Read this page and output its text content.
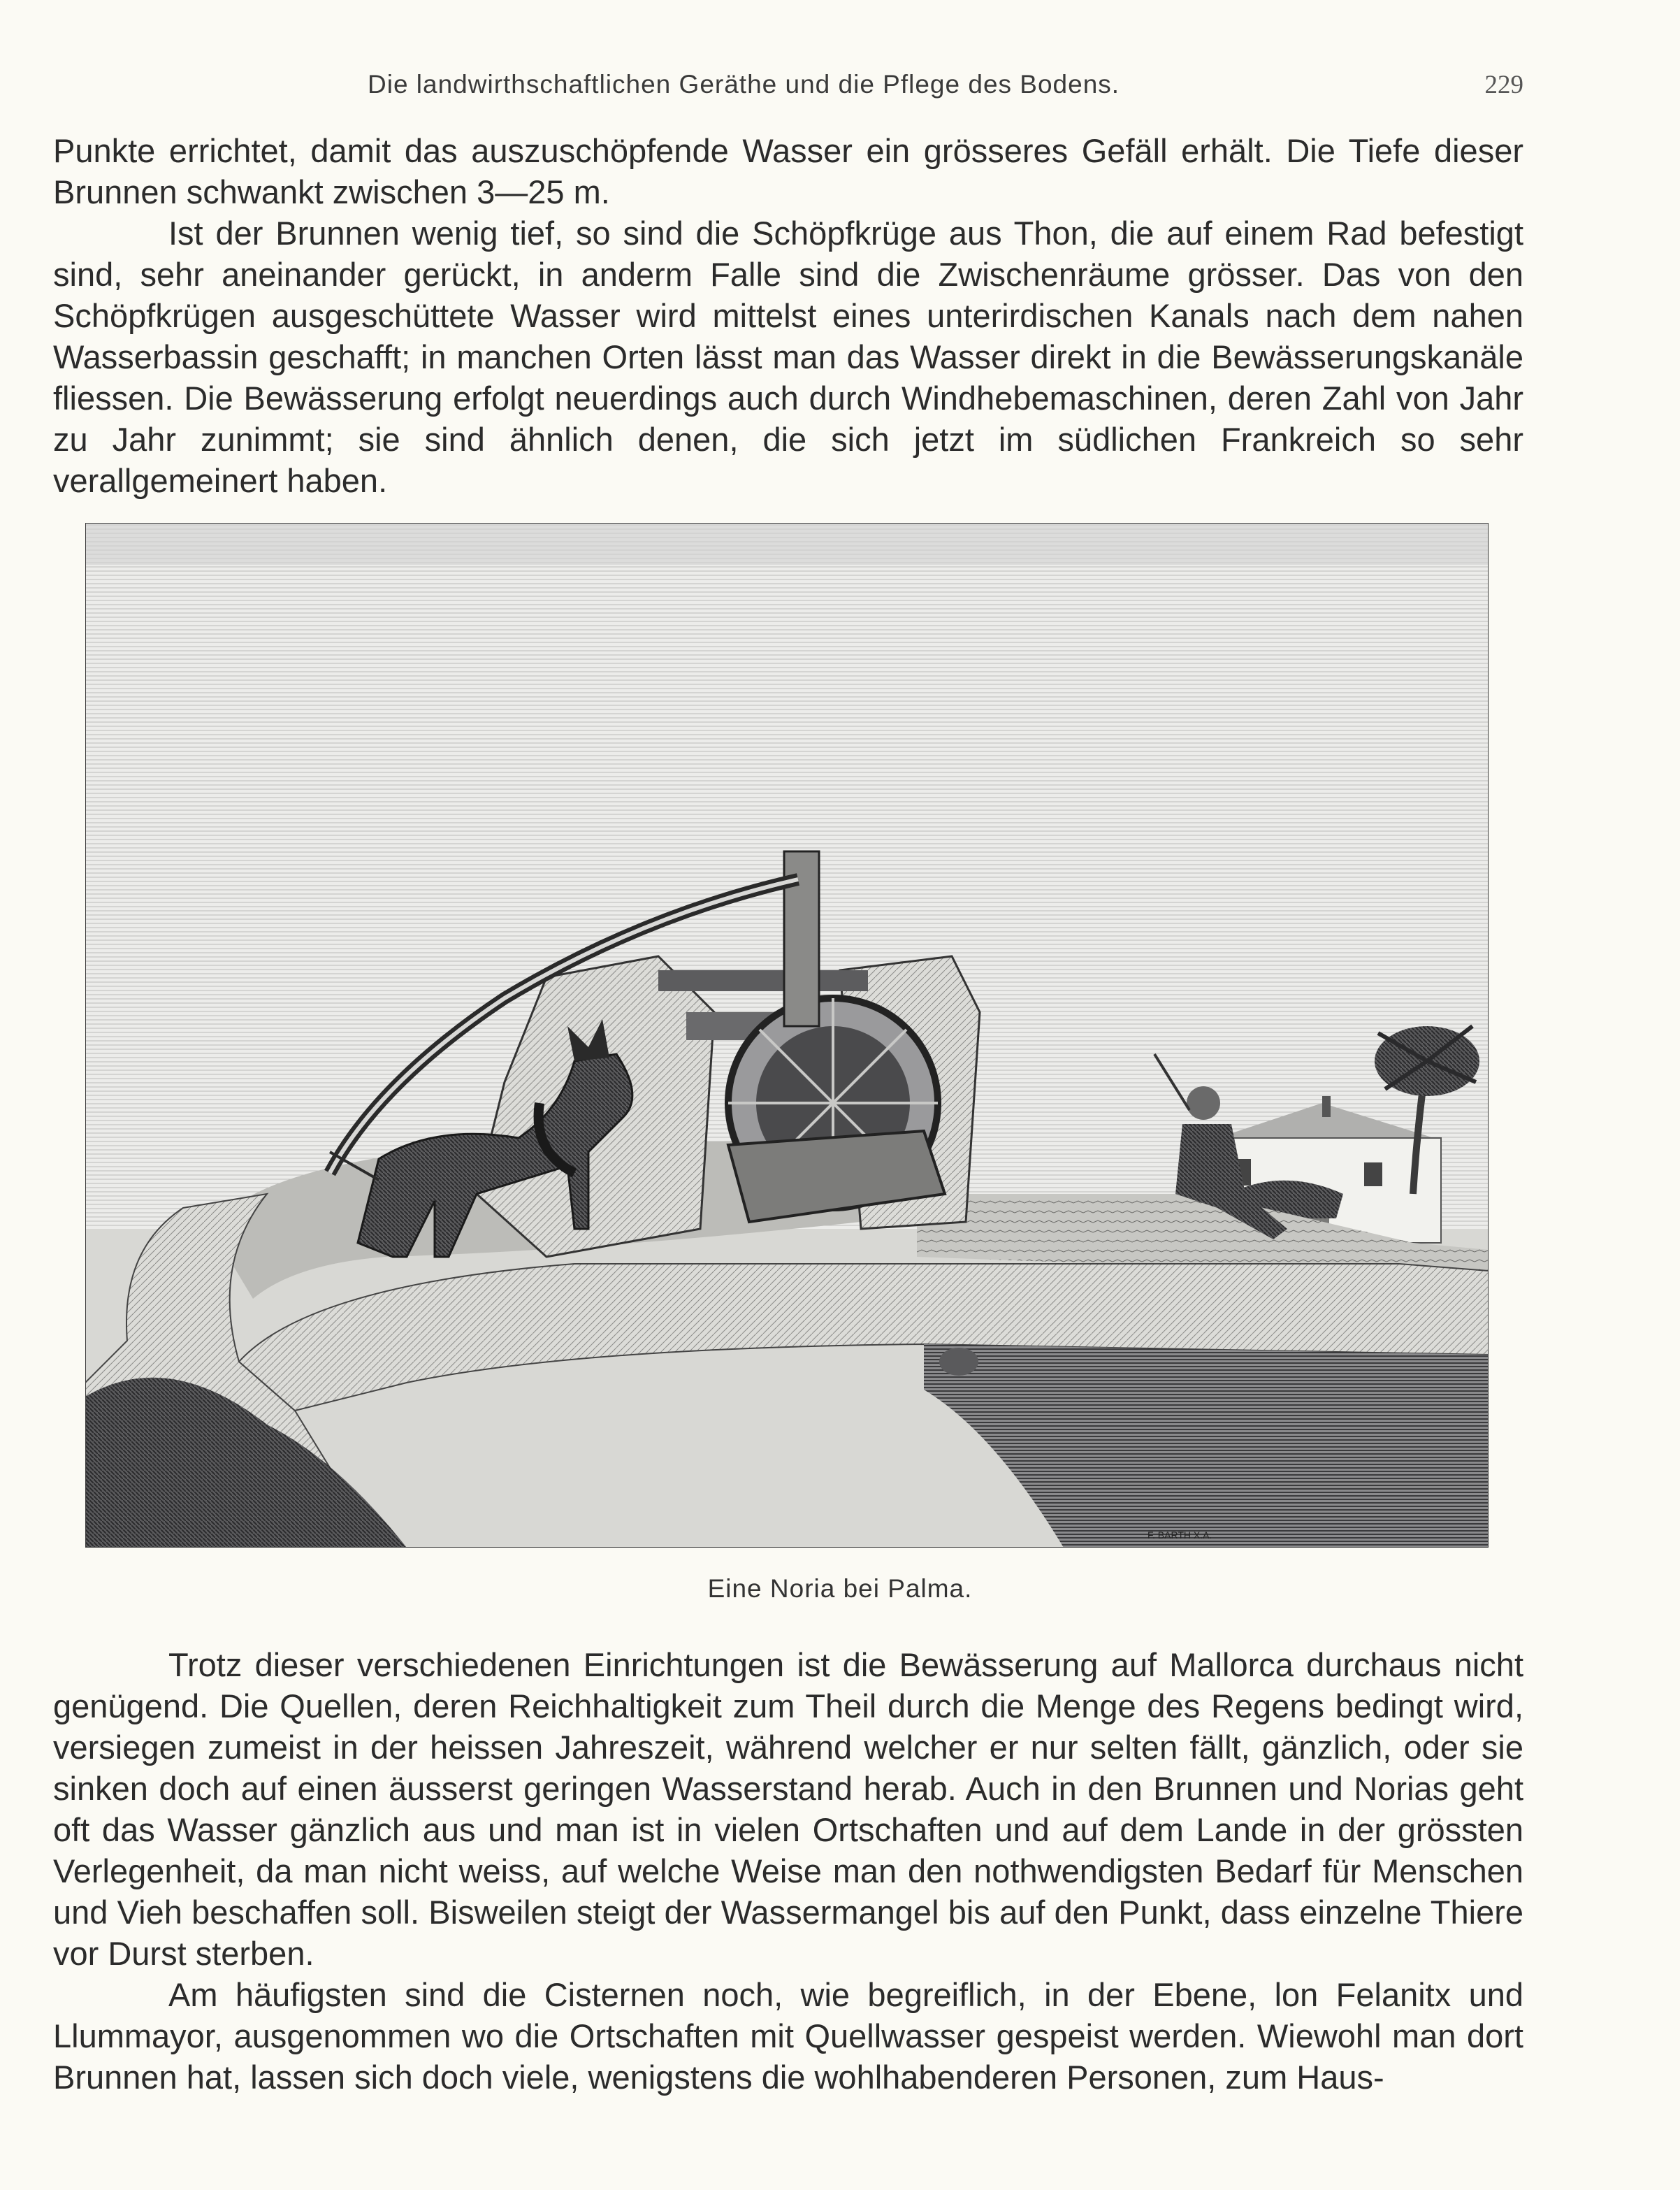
Die landwirthschaftlichen Geräthe und die Pflege des Bodens.	229

Punkte errichtet, damit das auszuschöpfende Wasser ein grösseres Gefäll erhält. Die Tiefe dieser Brunnen schwankt zwischen 3—25 m.

Ist der Brunnen wenig tief, so sind die Schöpfkrüge aus Thon, die auf einem Rad befestigt sind, sehr aneinander gerückt, in anderm Falle sind die Zwischenräume grösser. Das von den Schöpfkrügen ausgeschüttete Wasser wird mittelst eines unterirdischen Kanals nach dem nahen Wasserbassin geschafft; in manchen Orten lässt man das Wasser direkt in die Bewässerungskanäle fliessen. Die Bewässerung erfolgt neuerdings auch durch Windhebemaschinen, deren Zahl von Jahr zu Jahr zunimmt; sie sind ähnlich denen, die sich jetzt im südlichen Frankreich so sehr verallgemeinert haben.

F. BARTH X.A.
Eine Noria bei Palma.

Trotz dieser verschiedenen Einrichtungen ist die Bewässerung auf Mallorca durchaus nicht genügend. Die Quellen, deren Reichhaltigkeit zum Theil durch die Menge des Regens bedingt wird, versiegen zumeist in der heissen Jahreszeit, während welcher er nur selten fällt, gänzlich, oder sie sinken doch auf einen äusserst geringen Wasserstand herab. Auch in den Brunnen und Norias geht oft das Wasser gänzlich aus und man ist in vielen Ortschaften und auf dem Lande in der grössten Verlegenheit, da man nicht weiss, auf welche Weise man den nothwendigsten Bedarf für Menschen und Vieh beschaffen soll. Bisweilen steigt der Wassermangel bis auf den Punkt, dass einzelne Thiere vor Durst sterben.

Am häufigsten sind die Cisternen noch, wie begreiflich, in der Ebene, lon Felanitx und Llummayor, ausgenommen wo die Ortschaften mit Quellwasser gespeist werden. Wiewohl man dort Brunnen hat, lassen sich doch viele, wenigstens die wohlhabenderen Personen, zum Haus-
